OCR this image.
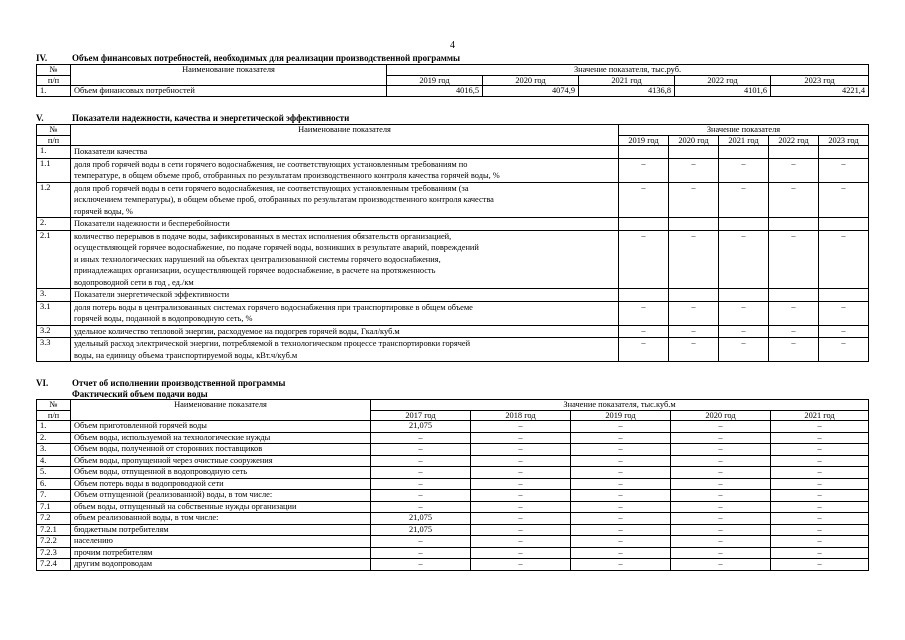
4
IV.	Объем финансовых потребностей, необходимых для реализации производственной программы
№	Наименование показателя	Значение показателя, тыс.руб.				
п/п		2019 год	2020 год	2021 год	2022 год	2023 год
1.	Объем финансовых потребностей	4016,5	4074,9	4136,8	4101,6	4221,4
V.	Показатели надежности, качества и энергетической эффективности
№	Наименование показателя	Значение показателя				
п/п		2019 год	2020 год	2021 год	2022 год	2023 год
1.	Показатели качества					

1.1	доля проб горячей воды в сети горячего водоснабжения, не соответствующих установленным требованиям по
температуре, в общем объеме проб, отобранных по результатам производственного контроля качества горячей воды, %	–	–	–	–	–
1.2	доля проб горячей воды в сети горячего водоснабжения, не соответствующих установленным требованиям (за
исключением температуры), в общем объеме проб, отобранных по результатам производственного контроля качества
горячей воды, %	–	–	–	–	–
2.	Показатели надежности и бесперебойности					

2.1	количество перерывов в подаче воды, зафиксированных в местах исполнения обязательств организацией,
осуществляющей горячее водоснабжение, по подаче горячей воды, возникших в результате аварий, повреждений
и иных технологических нарушений на объектах централизованной системы горячего водоснабжения,
принадлежащих организации, осуществляющей горячее водоснабжение, в расчете на протяженность
водопроводной сети в год , ед./км	–	–	–	–	–
3.	Показатели энергетической эффективности					

3.1	доля потерь воды в централизованных системах горячего водоснабжения при транспортировке в общем объеме
горячей воды, поданной в водопроводную сеть, %	–	–	–	–	–
3.2	удельное количество тепловой энергии, расходуемое на подогрев горячей воды, Гкал/куб.м	–	–	–	–	–
3.3	удельный расход электрической энергии, потребляемой в технологическом процессе транспортировки горячей
воды, на единицу объема транспортируемой воды, кВт.ч/куб.м	–	–	–	–	–
VI.	Отчет об исполнении производственной программы
Фактический объем подачи воды
№	Наименование показателя	Значение показателя, тыс.куб.м				
п/п		2017 год	2018 год	2019 год	2020 год	2021 год
1.	Объем приготовленной горячей воды	21,075	–	–	–	–
2.	Объем воды, используемой на технологические нужды	–	–	–	–	–
3.	Объем воды, полученной от сторонних поставщиков	–	–	–	–	–
4.	Объем воды, пропущенной через очистные сооружения	–	–	–	–	–
5.	Объем воды, отпущенной в водопроводную сеть	–	–	–	–	–
6.	Объем потерь воды в водопроводной сети	–	–	–	–	–
7.	Объем отпущенной (реализованной) воды, в том числе:	–	–	–	–	–
7.1	объем воды, отпущенный на собственные нужды организации	–	–	–	–	–
7.2	объем реализованной воды, в том числе:	21,075	–	–	–	–
7.2.1	бюджетным потребителям	21,075	–	–	–	–
7.2.2	населению	–	–	–	–	–
7.2.3	прочим потребителям	–	–	–	–	–
7.2.4	другим водопроводам	–	–	–	–	–
